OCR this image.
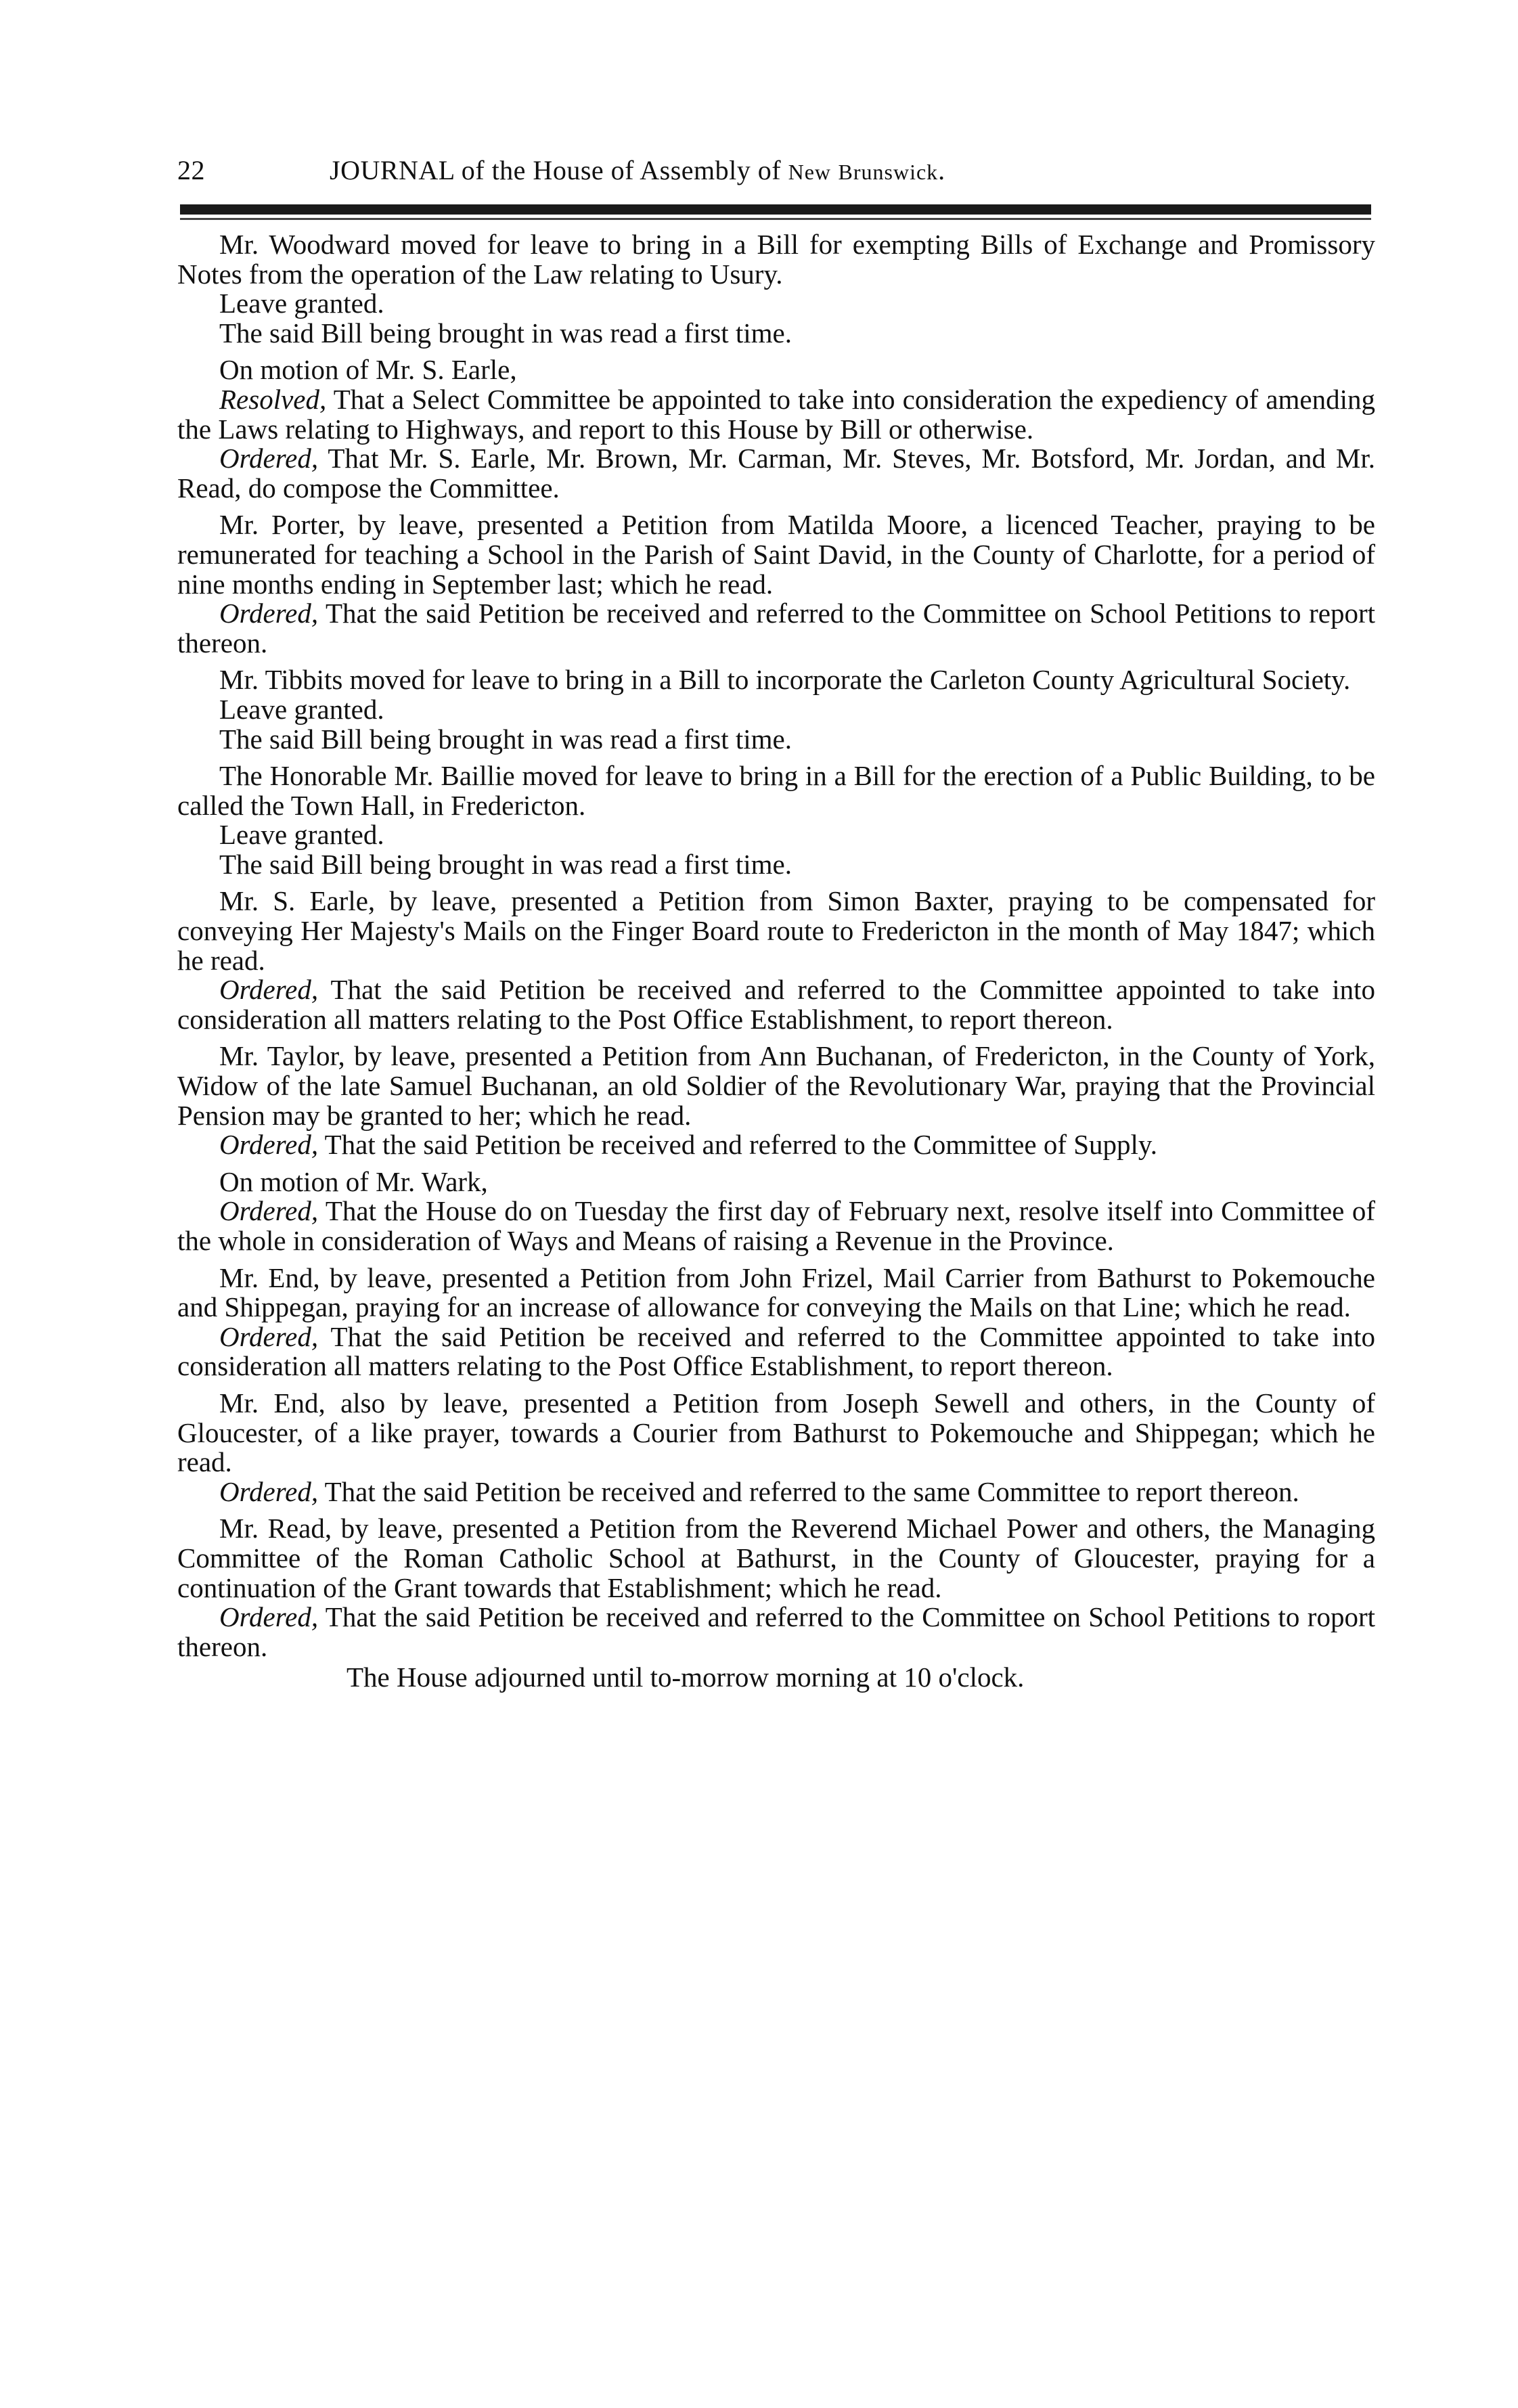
22	JOURNAL of the House of Assembly of New Brunswick.

Mr. Woodward moved for leave to bring in a Bill for exempting Bills of Exchange and Promissory Notes from the operation of the Law relating to Usury.

Leave granted.

The said Bill being brought in was read a first time.

On motion of Mr. S. Earle,

Resolved, That a Select Committee be appointed to take into consideration the expediency of amending the Laws relating to Highways, and report to this House by Bill or otherwise.

Ordered, That Mr. S. Earle, Mr. Brown, Mr. Carman, Mr. Steves, Mr. Botsford, Mr. Jordan, and Mr. Read, do compose the Committee.

Mr. Porter, by leave, presented a Petition from Matilda Moore, a licenced Teacher, praying to be remunerated for teaching a School in the Parish of Saint David, in the County of Charlotte, for a period of nine months ending in September last; which he read.

Ordered, That the said Petition be received and referred to the Committee on School Petitions to report thereon.

Mr. Tibbits moved for leave to bring in a Bill to incorporate the Carleton County Agricultural Society.

Leave granted.

The said Bill being brought in was read a first time.

The Honorable Mr. Baillie moved for leave to bring in a Bill for the erection of a Public Building, to be called the Town Hall, in Fredericton.

Leave granted.

The said Bill being brought in was read a first time.

Mr. S. Earle, by leave, presented a Petition from Simon Baxter, praying to be compensated for conveying Her Majesty's Mails on the Finger Board route to Fredericton in the month of May 1847; which he read.

Ordered, That the said Petition be received and referred to the Committee appointed to take into consideration all matters relating to the Post Office Establishment, to report thereon.

Mr. Taylor, by leave, presented a Petition from Ann Buchanan, of Fredericton, in the County of York, Widow of the late Samuel Buchanan, an old Soldier of the Revolutionary War, praying that the Provincial Pension may be granted to her; which he read.

Ordered, That the said Petition be received and referred to the Committee of Supply.

On motion of Mr. Wark,

Ordered, That the House do on Tuesday the first day of February next, resolve itself into Committee of the whole in consideration of Ways and Means of raising a Revenue in the Province.

Mr. End, by leave, presented a Petition from John Frizel, Mail Carrier from Bathurst to Pokemouche and Shippegan, praying for an increase of allowance for conveying the Mails on that Line; which he read.

Ordered, That the said Petition be received and referred to the Committee appointed to take into consideration all matters relating to the Post Office Establishment, to report thereon.

Mr. End, also by leave, presented a Petition from Joseph Sewell and others, in the County of Gloucester, of a like prayer, towards a Courier from Bathurst to Pokemouche and Shippegan; which he read.

Ordered, That the said Petition be received and referred to the same Committee to report thereon.

Mr. Read, by leave, presented a Petition from the Reverend Michael Power and others, the Managing Committee of the Roman Catholic School at Bathurst, in the County of Gloucester, praying for a continuation of the Grant towards that Establishment; which he read.

Ordered, That the said Petition be received and referred to the Committee on School Petitions to roport thereon.

The House adjourned until to-morrow morning at 10 o'clock.
